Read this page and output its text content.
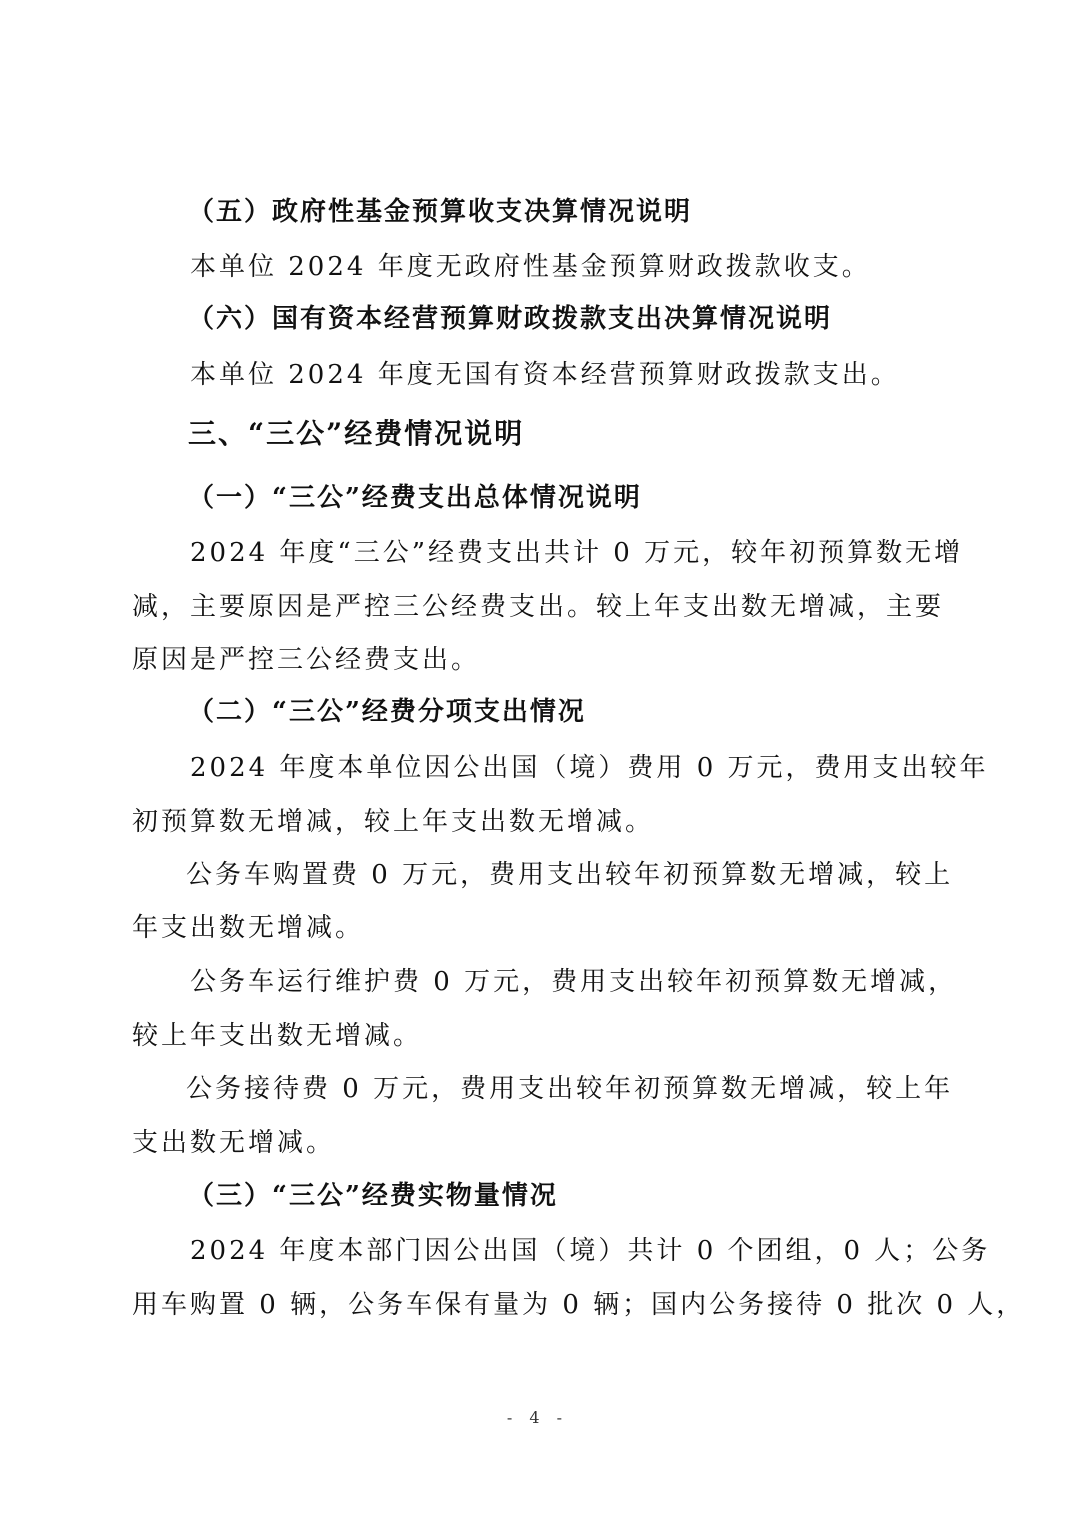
（五）政府性基金预算收支决算情况说明
本单位 2024 年度无政府性基金预算财政拨款收支。
（六）国有资本经营预算财政拨款支出决算情况说明
本单位 2024 年度无国有资本经营预算财政拨款支出。
三、“三公”经费情况说明
（一）“三公”经费支出总体情况说明
2024 年度“三公”经费支出共计 0 万元，较年初预算数无增
减，主要原因是严控三公经费支出。较上年支出数无增减，主要
原因是严控三公经费支出。
（二）“三公”经费分项支出情况
2024 年度本单位因公出国（境）费用 0 万元，费用支出较年
初预算数无增减，较上年支出数无增减。
公务车购置费 0 万元，费用支出较年初预算数无增减，较上
年支出数无增减。
公务车运行维护费 0 万元，费用支出较年初预算数无增减，
较上年支出数无增减。
公务接待费 0 万元，费用支出较年初预算数无增减，较上年
支出数无增减。
（三）“三公”经费实物量情况
2024 年度本部门因公出国（境）共计 0 个团组，0 人；公务
用车购置 0 辆，公务车保有量为 0 辆；国内公务接待 0 批次 0 人，
- 4 -
